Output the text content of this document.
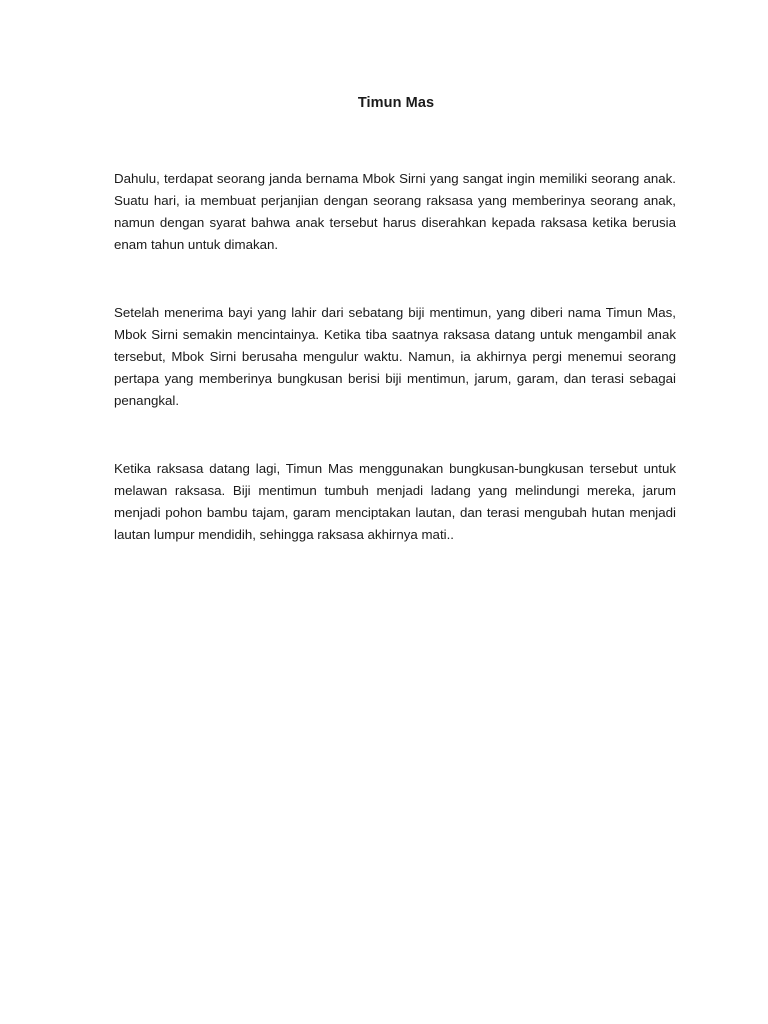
Timun Mas

Dahulu, terdapat seorang janda bernama Mbok Sirni yang sangat ingin memiliki seorang anak. Suatu hari, ia membuat perjanjian dengan seorang raksasa yang memberinya seorang anak, namun dengan syarat bahwa anak tersebut harus diserahkan kepada raksasa ketika berusia enam tahun untuk dimakan.

Setelah menerima bayi yang lahir dari sebatang biji mentimun, yang diberi nama Timun Mas, Mbok Sirni semakin mencintainya. Ketika tiba saatnya raksasa datang untuk mengambil anak tersebut, Mbok Sirni berusaha mengulur waktu. Namun, ia akhirnya pergi menemui seorang pertapa yang memberinya bungkusan berisi biji mentimun, jarum, garam, dan terasi sebagai penangkal.

Ketika raksasa datang lagi, Timun Mas menggunakan bungkusan-bungkusan tersebut untuk melawan raksasa. Biji mentimun tumbuh menjadi ladang yang melindungi mereka, jarum menjadi pohon bambu tajam, garam menciptakan lautan, dan terasi mengubah hutan menjadi lautan lumpur mendidih, sehingga raksasa akhirnya mati..
